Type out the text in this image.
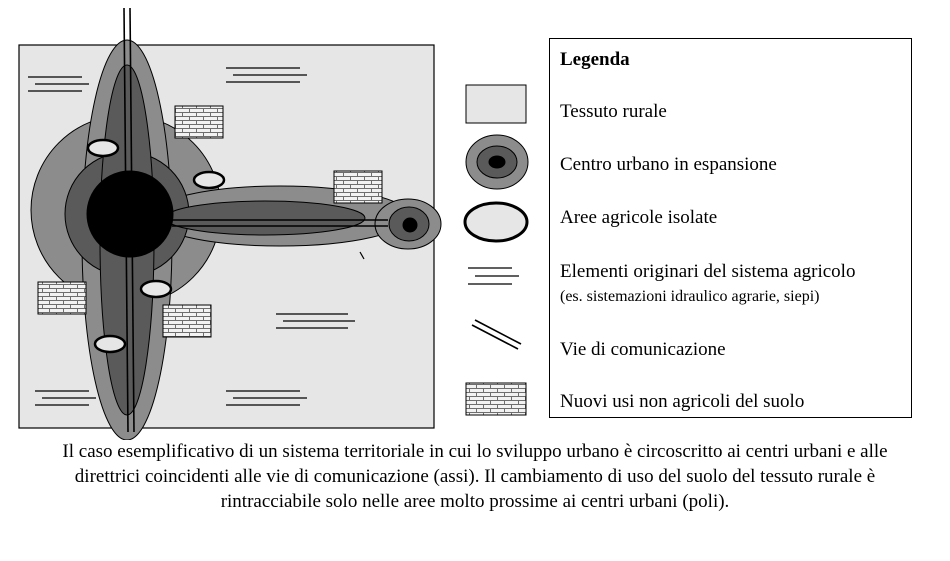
Legenda
Tessuto rurale
Centro urbano in espansione
Aree agricole isolate
Elementi originari del sistema agricolo
(es. sistemazioni idraulico agrarie, siepi)
Vie di comunicazione
Nuovi usi non agricoli del suolo

Il caso esemplificativo di un sistema territoriale in cui lo sviluppo urbano è circoscritto ai centri urbani e alle

direttrici coincidenti alle vie di comunicazione (assi). Il cambiamento di uso del suolo del tessuto rurale è

rintracciabile solo nelle aree molto prossime ai centri urbani (poli).
